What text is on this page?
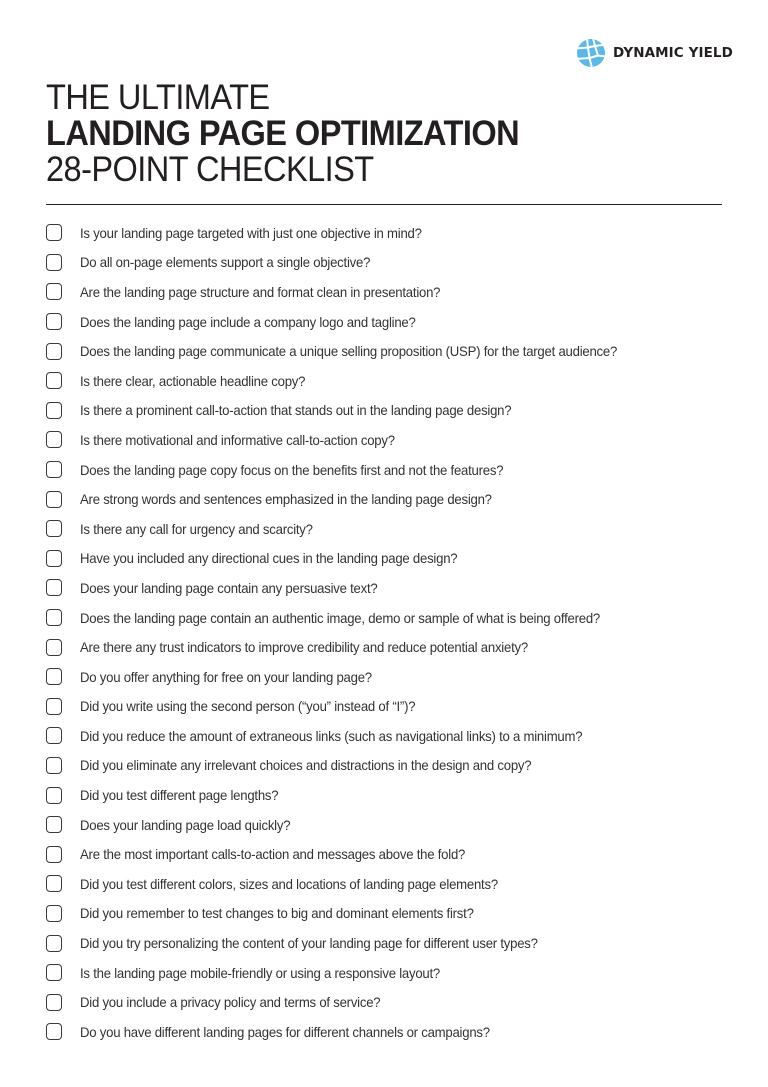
DYNAMIC YIELD
THE ULTIMATE
LANDING PAGE OPTIMIZATION
28-POINT CHECKLIST
Is your landing page targeted with just one objective in mind?
Do all on-page elements support a single objective?
Are the landing page structure and format clean in presentation?
Does the landing page include a company logo and tagline?
Does the landing page communicate a unique selling proposition (USP) for the target audience?
Is there clear, actionable headline copy?
Is there a prominent call-to-action that stands out in the landing page design?
Is there motivational and informative call-to-action copy?
Does the landing page copy focus on the benefits first and not the features?
Are strong words and sentences emphasized in the landing page design?
Is there any call for urgency and scarcity?
Have you included any directional cues in the landing page design?
Does your landing page contain any persuasive text?
Does the landing page contain an authentic image, demo or sample of what is being offered?
Are there any trust indicators to improve credibility and reduce potential anxiety?
Do you offer anything for free on your landing page?
Did you write using the second person (“you” instead of “I”)?
Did you reduce the amount of extraneous links (such as navigational links) to a minimum?
Did you eliminate any irrelevant choices and distractions in the design and copy?
Did you test different page lengths?
Does your landing page load quickly?
Are the most important calls-to-action and messages above the fold?
Did you test different colors, sizes and locations of landing page elements?
Did you remember to test changes to big and dominant elements first?
Did you try personalizing the content of your landing page for different user types?
Is the landing page mobile-friendly or using a responsive layout?
Did you include a privacy policy and terms of service?
Do you have different landing pages for different channels or campaigns?
